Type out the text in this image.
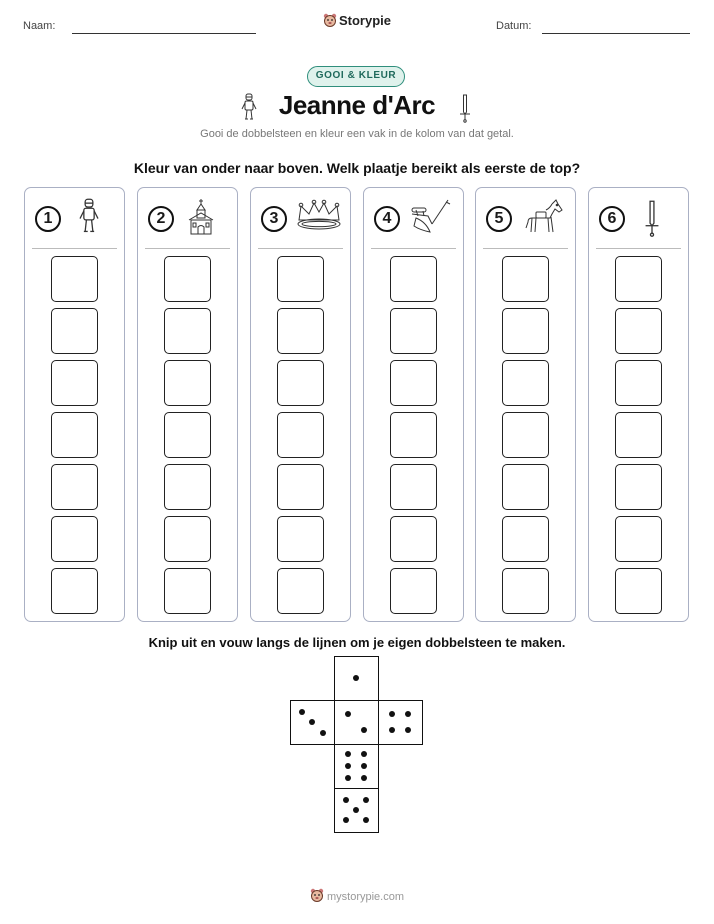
Naam:	Storypie	Datum:
GOOI & KLEUR
Jeanne d'Arc
Gooi de dobbelsteen en kleur een vak in de kolom van dat getal.
Kleur van onder naar boven. Welk plaatje bereikt als eerste de top?
1	2	3	4	5	6
Knip uit en vouw langs de lijnen om je eigen dobbelsteen te maken.
mystorypie.com
